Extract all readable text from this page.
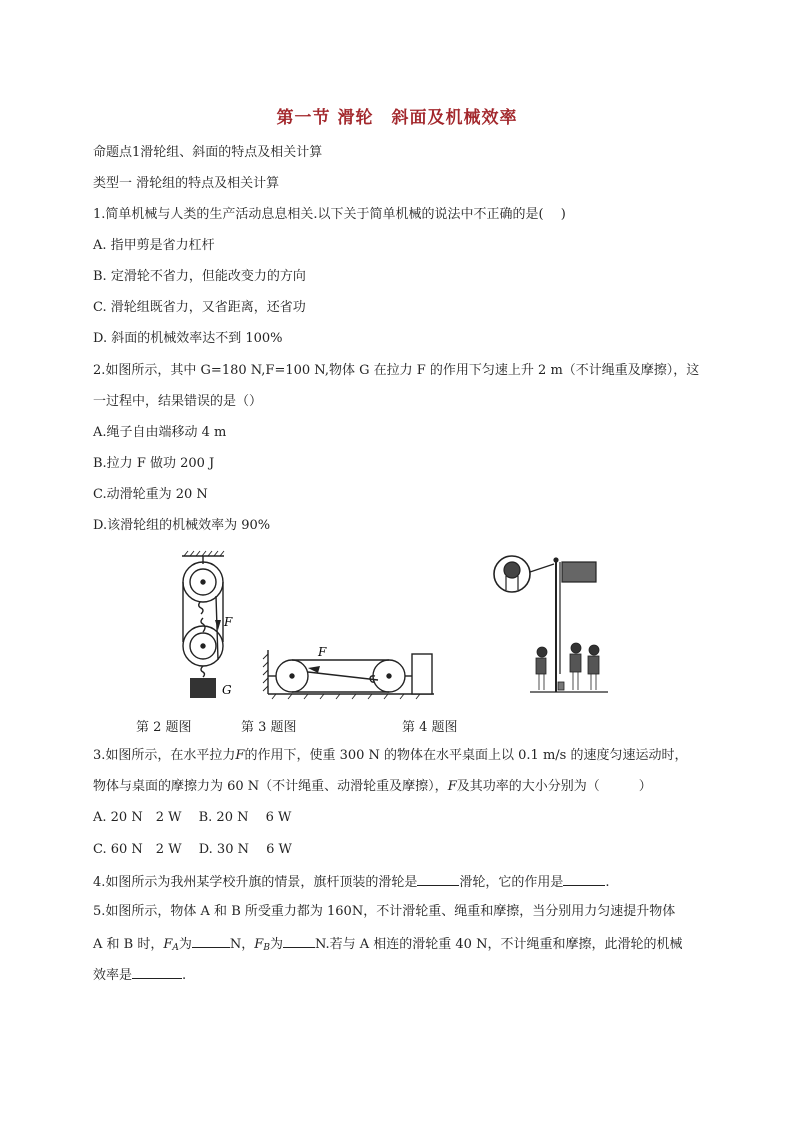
第一节 滑轮　斜面及机械效率
命题点1滑轮组、斜面的特点及相关计算
类型一 滑轮组的特点及相关计算
1.简单机械与人类的生产活动息息相关.以下关于简单机械的说法中不正确的是(　 )
A. 指甲剪是省力杠杆
B. 定滑轮不省力，但能改变力的方向
C. 滑轮组既省力，又省距离，还省功
D. 斜面的机械效率达不到 100%
2.如图所示，其中 G=180 N,F=100 N,物体 G 在拉力 F 的作用下匀速上升 2 m（不计绳重及摩擦），这
一过程中，结果错误的是（）
A.绳子自由端移动 4 m
B.拉力 F 做功 200 J
C.动滑轮重为 20 N
D.该滑轮组的机械效率为 90%
F
G
F
第 2 题图	第 3 题图	第 4 题图
3.如图所示，在水平拉力F的作用下，使重 300 N 的物体在水平桌面上以 0.1 m/s 的速度匀速运动时，
物体与桌面的摩擦力为 60 N（不计绳重、动滑轮重及摩擦），F及其功率的大小分别为（　　　）
A. 20 N　2 W　 B. 20 N　 6 W
C. 60 N　2 W　 D. 30 N　 6 W
4.如图所示为我州某学校升旗的情景，旗杆顶装的滑轮是	滑轮，它的作用是	.
5.如图所示，物体 A 和 B 所受重力都为 160N，不计滑轮重、绳重和摩擦，当分别用力匀速提升物体
A 和 B 时，$F_A$为	N，$F_B$为 N.若与 A 相连的滑轮重 40 N，不计绳重和摩擦，此滑轮的机械
效率是	.
